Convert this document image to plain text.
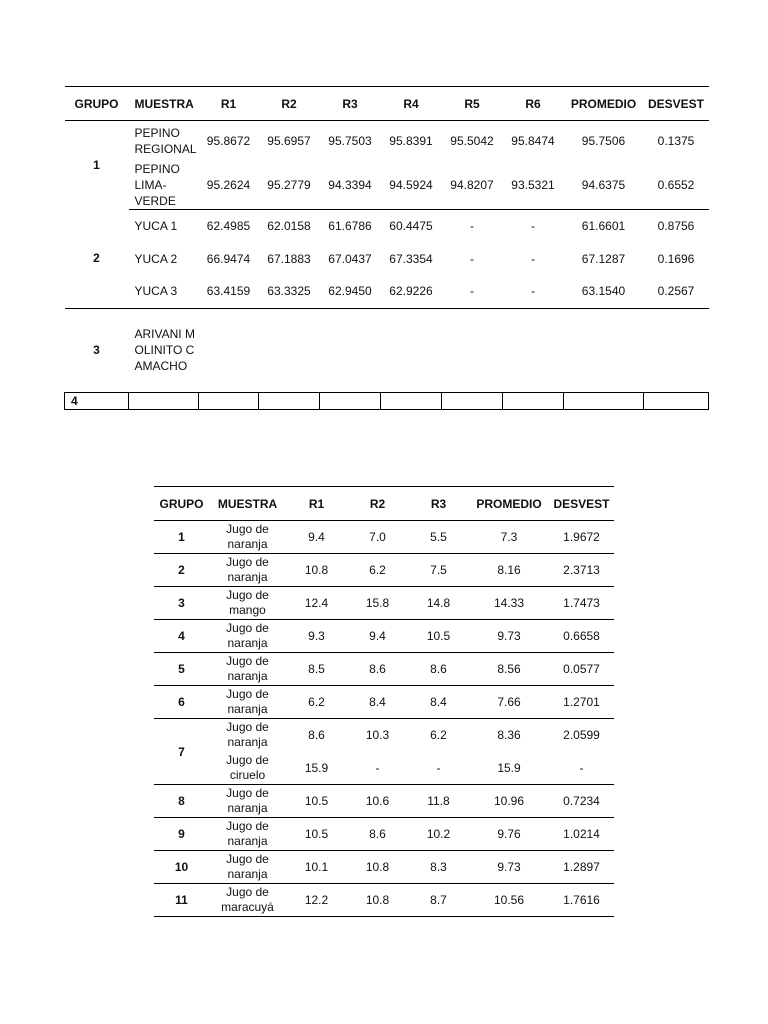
GRUPO	MUESTRA	R1	R2	R3	R4	R5	R6	PROMEDIO	DESVEST
1	PEPINO REGIONAL	95.8672	95.6957	95.7503	95.8391	95.5042	95.8474	95.7506	0.1375
	PEPINO LIMA-VERDE	95.2624	95.2779	94.3394	94.5924	94.8207	93.5321	94.6375	0.6552
2	YUCA 1	62.4985	62.0158	61.6786	60.4475	-	-	61.6601	0.8756
	YUCA 2	66.9474	67.1883	67.0437	67.3354	-	-	67.1287	0.1696
	YUCA 3	63.4159	63.3325	62.9450	62.9226	-	-	63.1540	0.2567
3	ARIVANI MOLINITO CAMACHO								
4									
GRUPO	MUESTRA	R1	R2	R3	PROMEDIO	DESVEST
1	Jugo de naranja	9.4	7.0	5.5	7.3	1.9672
2	Jugo de naranja	10.8	6.2	7.5	8.16	2.3713
3	Jugo de mango	12.4	15.8	14.8	14.33	1.7473
4	Jugo de naranja	9.3	9.4	10.5	9.73	0.6658
5	Jugo de naranja	8.5	8.6	8.6	8.56	0.0577
6	Jugo de naranja	6.2	8.4	8.4	7.66	1.2701
7	Jugo de naranja	8.6	10.3	6.2	8.36	2.0599
	Jugo de ciruelo	15.9	-	-	15.9	-
8	Jugo de naranja	10.5	10.6	11.8	10.96	0.7234
9	Jugo de naranja	10.5	8.6	10.2	9.76	1.0214
10	Jugo de naranja	10.1	10.8	8.3	9.73	1.2897
11	Jugo de maracuyá	12.2	10.8	8.7	10.56	1.7616
